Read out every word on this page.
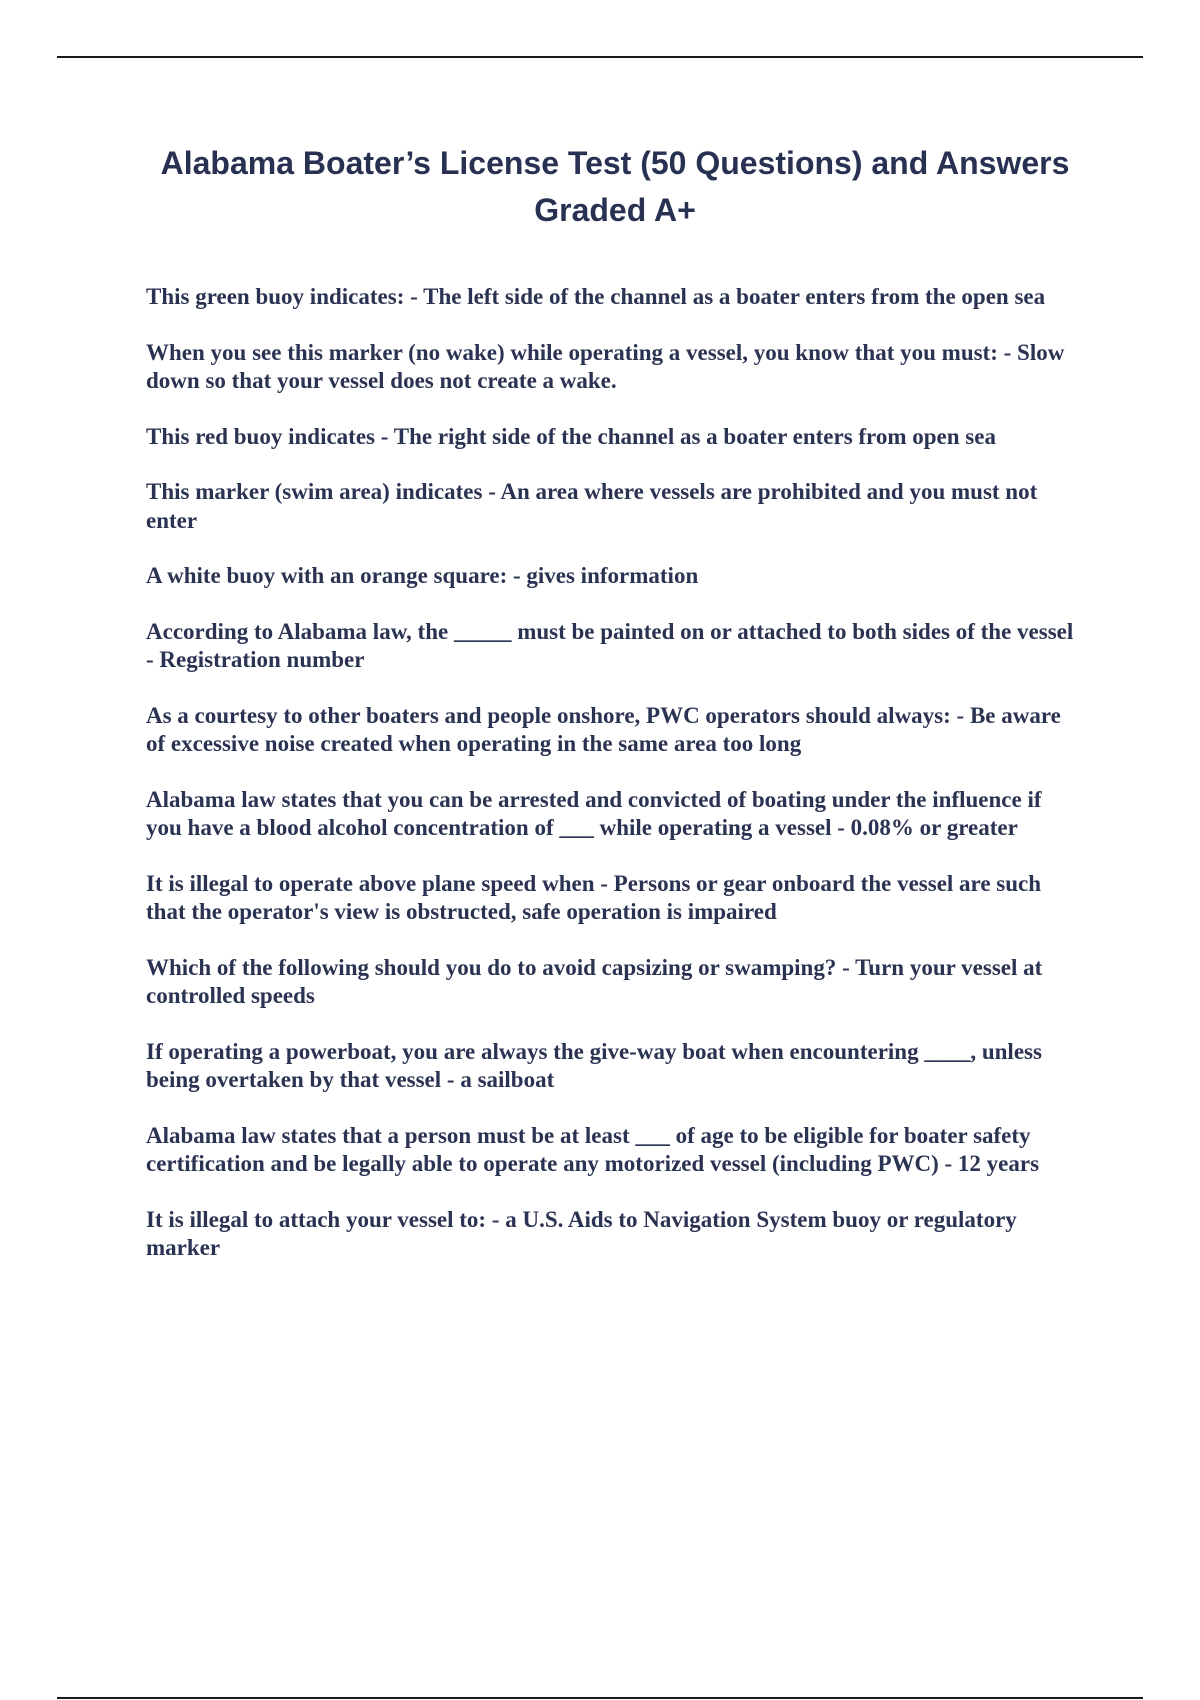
Alabama Boater’s License Test (50 Questions) and Answers Graded A+
This green buoy indicates: - The left side of the channel as a boater enters from the open sea
When you see this marker (no wake) while operating a vessel, you know that you must: - Slow down so that your vessel does not create a wake.
This red buoy indicates - The right side of the channel as a boater enters from open sea
This marker (swim area) indicates - An area where vessels are prohibited and you must not enter
A white buoy with an orange square: - gives information
According to Alabama law, the _____ must be painted on or attached to both sides of the vessel - Registration number
As a courtesy to other boaters and people onshore, PWC operators should always: - Be aware of excessive noise created when operating in the same area too long
Alabama law states that you can be arrested and convicted of boating under the influence if you have a blood alcohol concentration of ___ while operating a vessel - 0.08% or greater
It is illegal to operate above plane speed when - Persons or gear onboard the vessel are such that the operator's view is obstructed, safe operation is impaired
Which of the following should you do to avoid capsizing or swamping? - Turn your vessel at controlled speeds
If operating a powerboat, you are always the give-way boat when encountering ____, unless being overtaken by that vessel - a sailboat
Alabama law states that a person must be at least ___ of age to be eligible for boater safety certification and be legally able to operate any motorized vessel (including PWC) - 12 years
It is illegal to attach your vessel to: - a U.S. Aids to Navigation System buoy or regulatory marker
